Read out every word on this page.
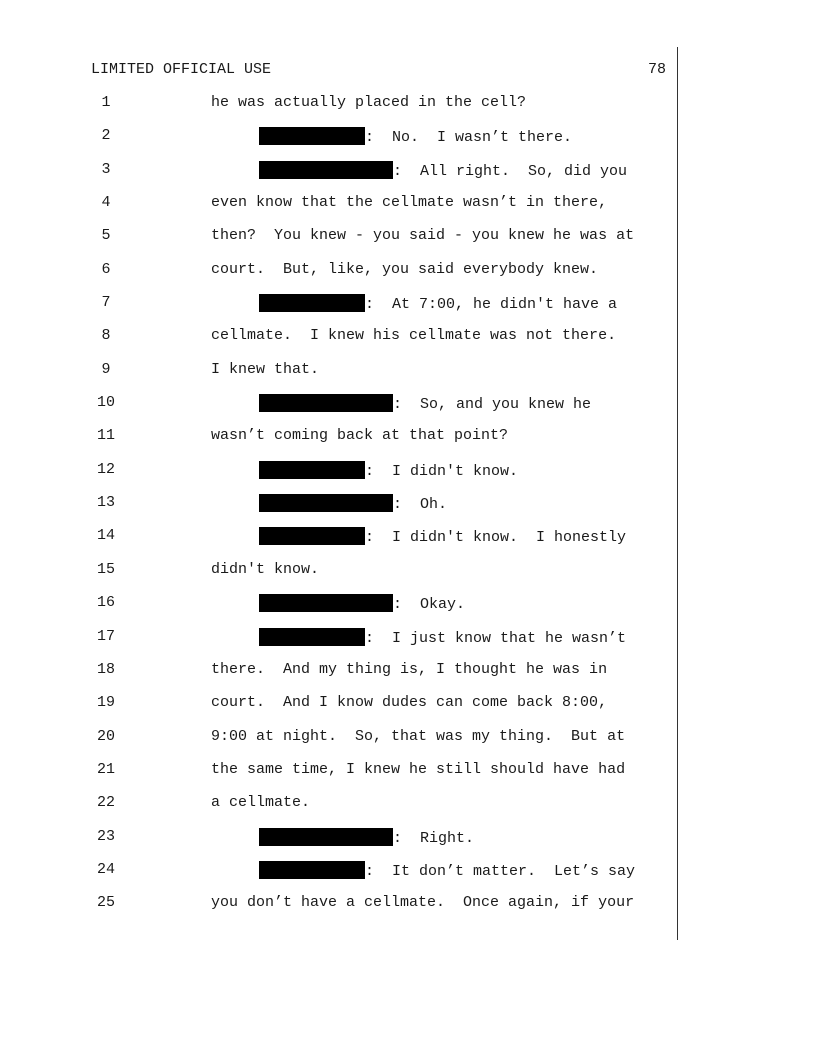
LIMITED OFFICIAL USE	78

1

	he was actually placed in the cell?

2

	:  No.  I wasn’t there.

3

	:  All right.  So, did you

4

	even know that the cellmate wasn’t in there,

5

	then?  You knew - you said - you knew he was at

6

	court.  But, like, you said everybody knew.

7

	:  At 7:00, he didn't have a

8

	cellmate.  I knew his cellmate was not there.

9

	I knew that.

10

	:  So, and you knew he

11

	wasn’t coming back at that point?

12

	:  I didn't know.

13

	:  Oh.

14

	:  I didn't know.  I honestly

15

	didn't know.

16

	:  Okay.

17

	:  I just know that he wasn’t

18

	there.  And my thing is, I thought he was in

19

	court.  And I know dudes can come back 8:00,

20

	9:00 at night.  So, that was my thing.  But at

21

	the same time, I knew he still should have had

22

	a cellmate.

23

	:  Right.

24

	:  It don’t matter.  Let’s say

25

	you don’t have a cellmate.  Once again, if your
